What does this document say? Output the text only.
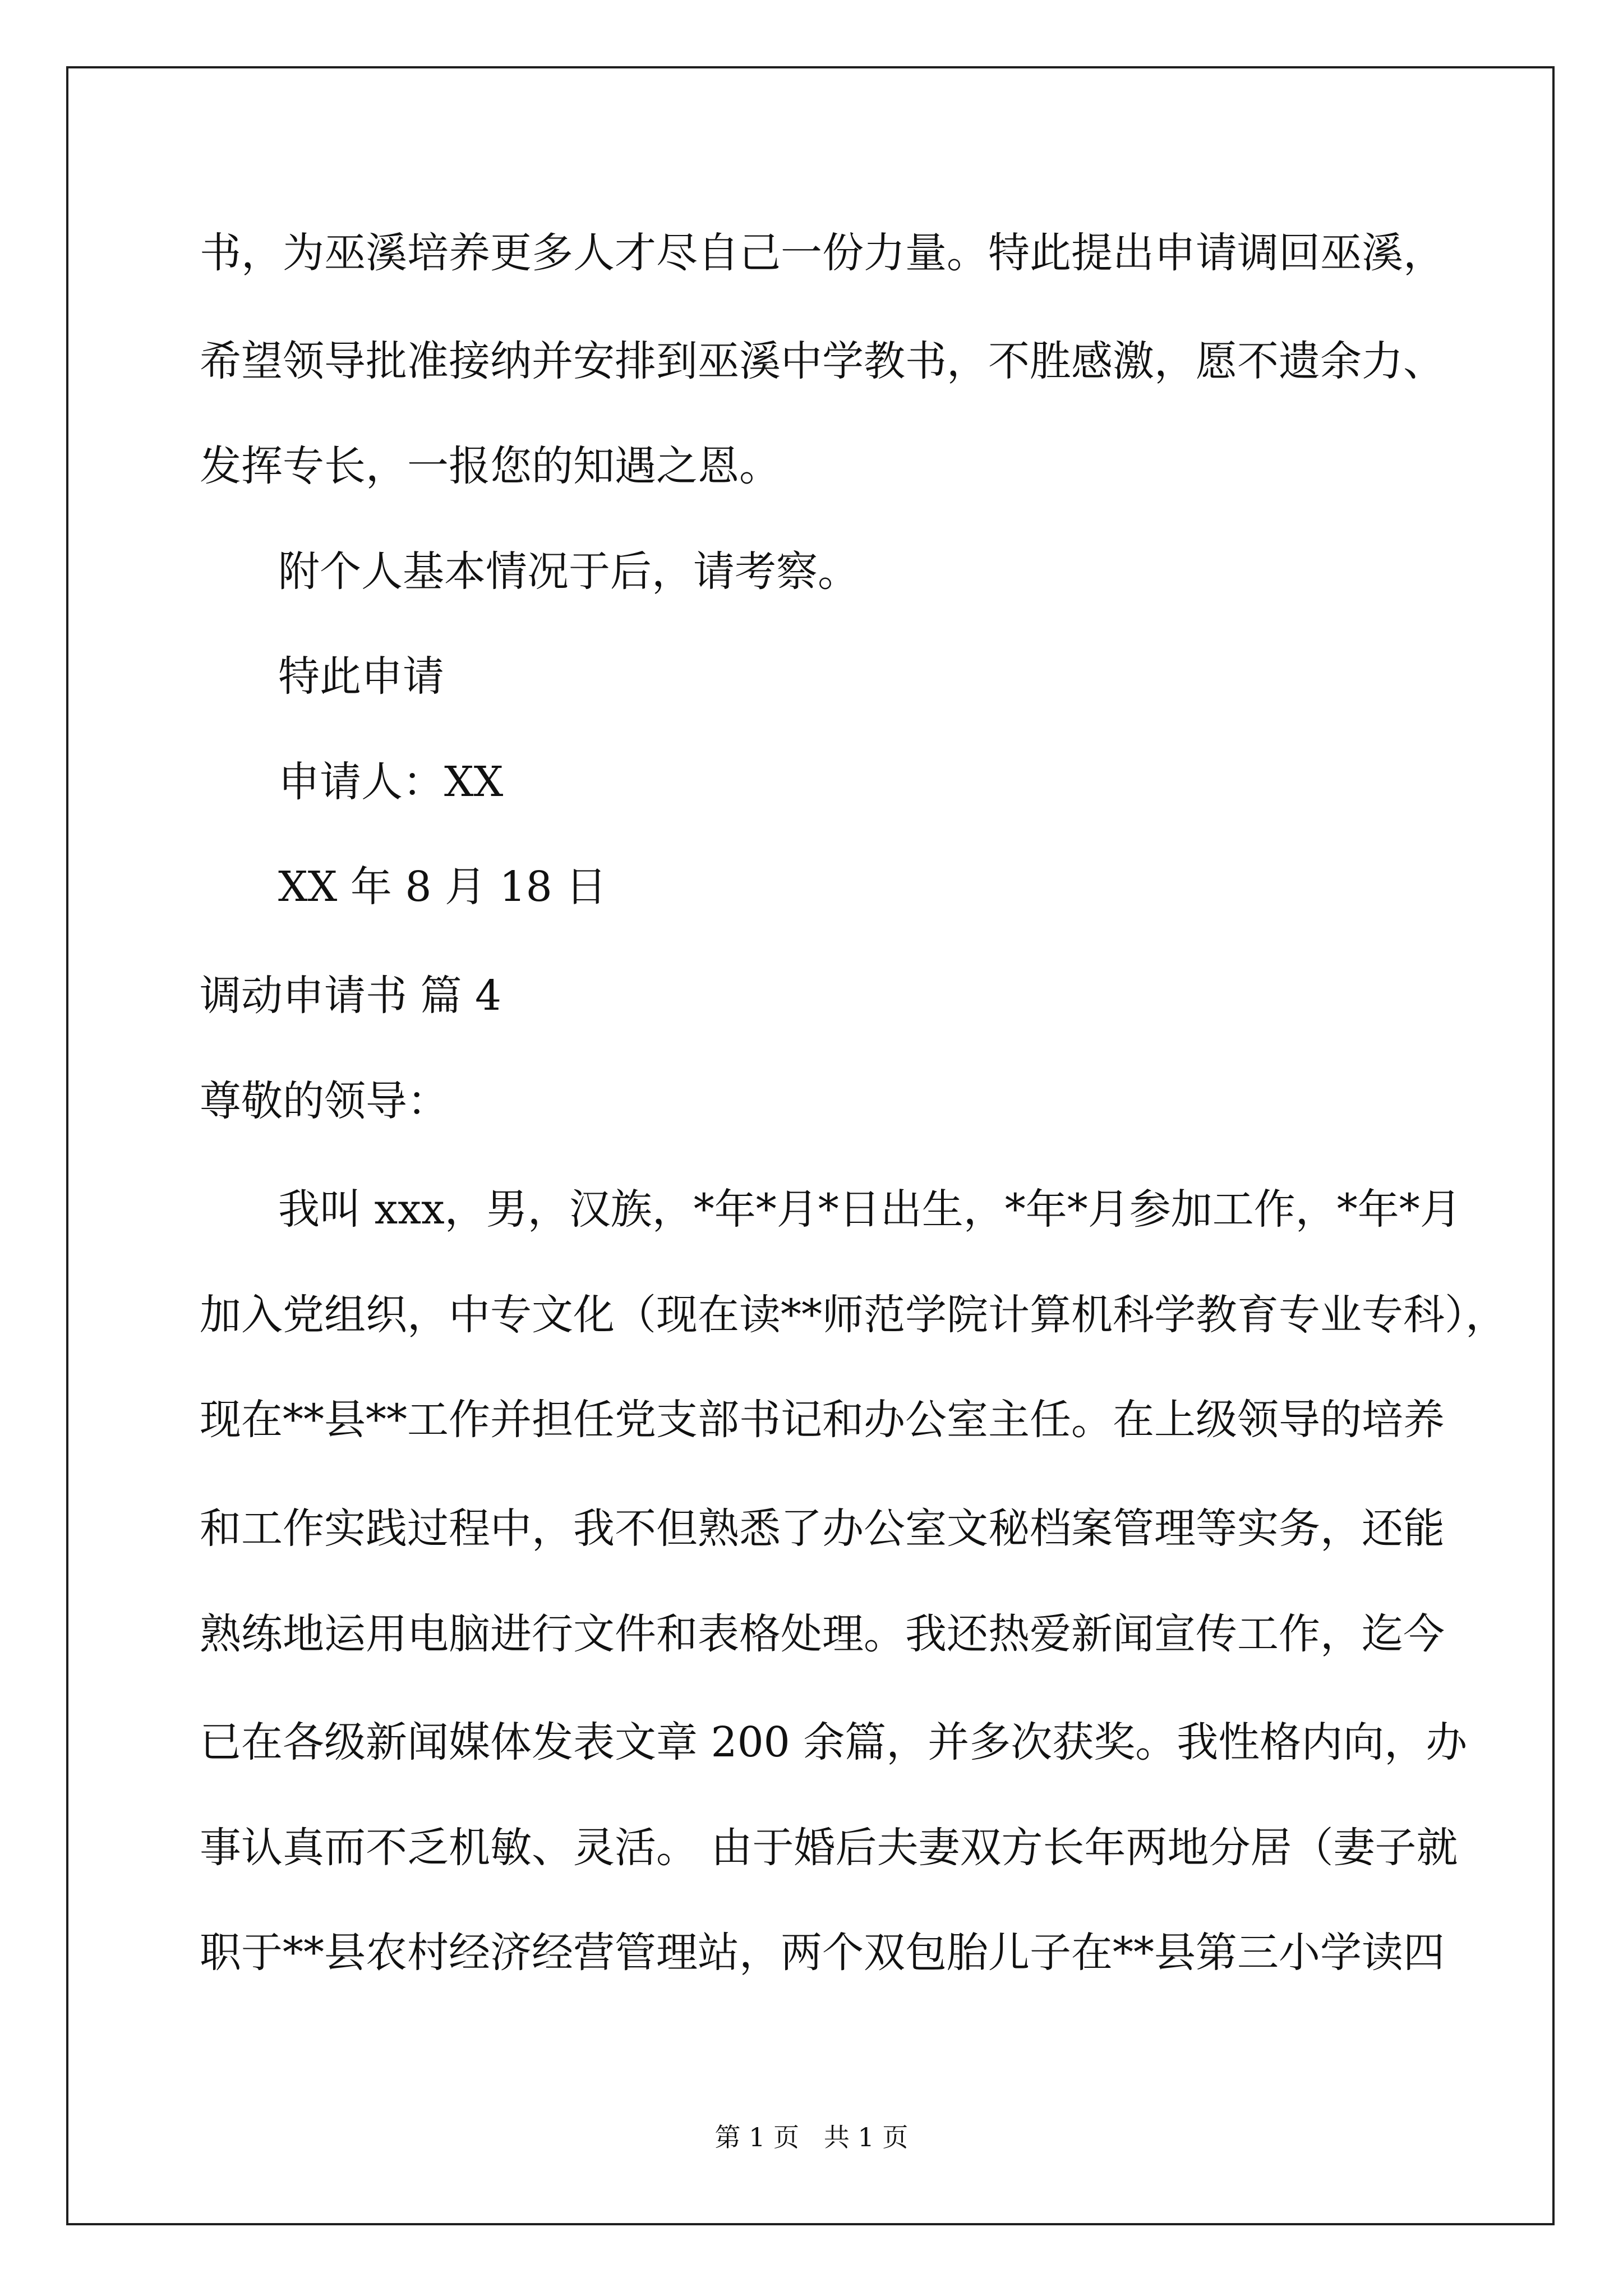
书，为巫溪培养更多人才尽自己一份力量。特此提出申请调回巫溪，

希望领导批准接纳并安排到巫溪中学教书，不胜感激，愿不遗余力、

发挥专长，一报您的知遇之恩。

附个人基本情况于后，请考察。

特此申请

申请人：XX

XX 年 8 月 18 日

调动申请书 篇 4

尊敬的领导：

我叫 xxx，男，汉族，*年*月*日出生，*年*月参加工作，*年*月

加入党组织，中专文化（现在读**师范学院计算机科学教育专业专科），

现在**县**工作并担任党支部书记和办公室主任。在上级领导的培养

和工作实践过程中，我不但熟悉了办公室文秘档案管理等实务，还能

熟练地运用电脑进行文件和表格处理。我还热爱新闻宣传工作，迄今

已在各级新闻媒体发表文章 200 余篇，并多次获奖。我性格内向，办

事认真而不乏机敏、灵活。 由于婚后夫妻双方长年两地分居（妻子就

职于**县农村经济经营管理站，两个双包胎儿子在**县第三小学读四

第 1 页   共 1 页
